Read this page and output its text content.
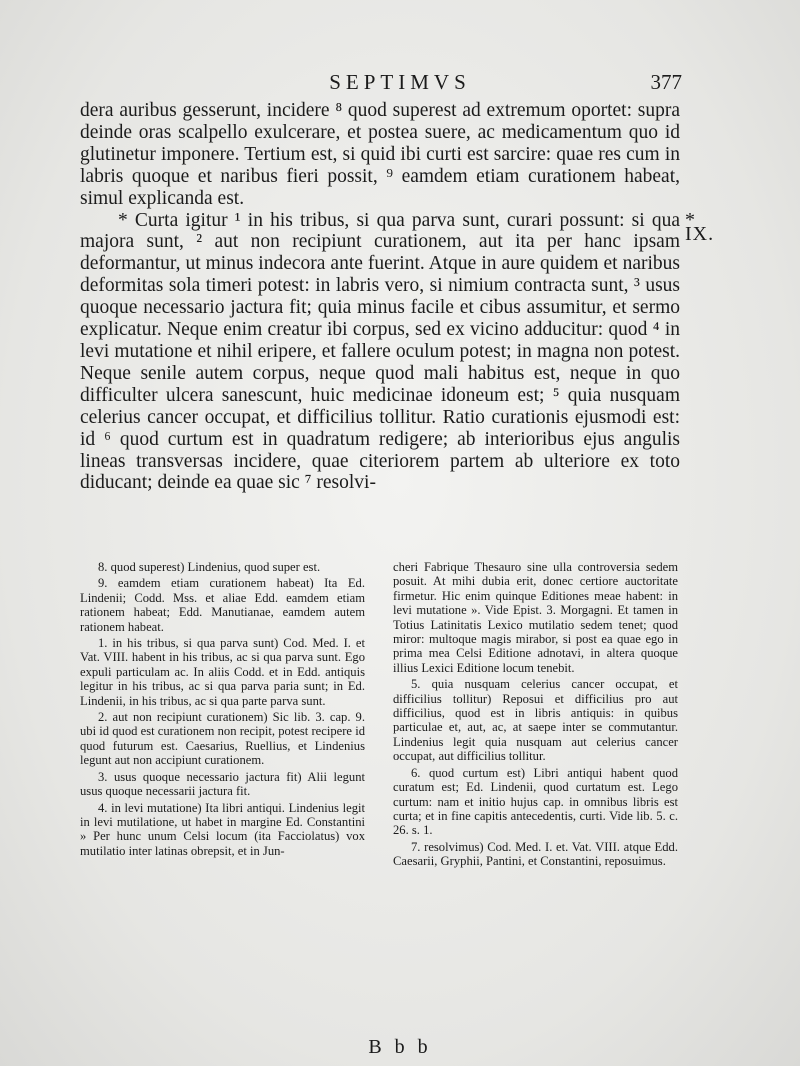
SEPTIMVS	377

dera auribus gesserunt, incidere ⁸ quod superest ad extremum oportet: supra deinde oras scalpello exulcerare, et postea suere, ac medicamentum quo id glutinetur imponere. Tertium est, si quid ibi curti est sarcire: quae res cum in labris quoque et naribus fieri possit, ⁹ eamdem etiam curationem habeat, simul explicanda est.

* Curta igitur ¹ in his tribus, si qua parva sunt, curari possunt: si qua majora sunt, ² aut non recipiunt curationem, aut ita per hanc ipsam deformantur, ut minus indecora ante fuerint. Atque in aure quidem et naribus deformitas sola timeri potest: in labris vero, si nimium contracta sunt, ³ usus quoque necessario jactura fit; quia minus facile et cibus assumitur, et sermo explicatur. Neque enim creatur ibi corpus, sed ex vicino adducitur: quod ⁴ in levi mutatione et nihil eripere, et fallere oculum potest; in magna non potest. Neque senile autem corpus, neque quod mali habitus est, neque in quo difficulter ulcera sanescunt, huic medicinae idoneum est; ⁵ quia nusquam celerius cancer occupat, et difficilius tollitur. Ratio curationis ejusmodi est: id ⁶ quod curtum est in quadratum redigere; ab interioribus ejus angulis lineas transversas incidere, quae citeriorem partem ab ulteriore ex toto diducant; deinde ea quae sic ⁷ resolvi-

*
IX.

8. quod superest) Lindenius, quod super est.

9. eamdem etiam curationem habeat) Ita Ed. Lindenii; Codd. Mss. et aliae Edd. eamdem etiam rationem habeat; Edd. Manutianae, eamdem autem rationem habeat.

1. in his tribus, si qua parva sunt) Cod. Med. I. et Vat. VIII. habent in his tribus, ac si qua parva sunt. Ego expuli particulam ac. In aliis Codd. et in Edd. antiquis legitur in his tribus, ac si qua parva paria sunt; in Ed. Lindenii, in his tribus, ac si qua parte parva sunt.

2. aut non recipiunt curationem) Sic lib. 3. cap. 9. ubi id quod est curationem non recipit, potest recipere id quod futurum est. Caesarius, Ruellius, et Lindenius legunt aut non accipiunt curationem.

3. usus quoque necessario jactura fit) Alii legunt usus quoque necessarii jactura fit.

4. in levi mutatione) Ita libri antiqui. Lindenius legit in levi mutilatione, ut habet in margine Ed. Constantini » Per hunc unum Celsi locum (ita Facciolatus) vox mutilatio inter latinas obrepsit, et in Jun-

cheri Fabrique Thesauro sine ulla controversia sedem posuit. At mihi dubia erit, donec certiore auctoritate firmetur. Hic enim quinque Editiones meae habent: in levi mutatione ». Vide Epist. 3. Morgagni. Et tamen in Totius Latinitatis Lexico mutilatio sedem tenet; quod miror: multoque magis mirabor, si post ea quae ego in prima mea Celsi Editione adnotavi, in altera quoque illius Lexici Editione locum tenebit.

5. quia nusquam celerius cancer occupat, et difficilius tollitur) Reposui et difficilius pro aut difficilius, quod est in libris antiquis: in quibus particulae et, aut, ac, at saepe inter se commutantur. Lindenius legit quia nusquam aut celerius cancer occupat, aut difficilius tollitur.

6. quod curtum est) Libri antiqui habent quod curatum est; Ed. Lindenii, quod curtatum est. Lego curtum: nam et initio hujus cap. in omnibus libris est curta; et in fine capitis antecedentis, curti. Vide lib. 5. c. 26. s. 1.

7. resolvimus) Cod. Med. I. et. Vat. VIII. atque Edd. Caesarii, Gryphii, Pantini, et Constantini, reposuimus.

B b b
